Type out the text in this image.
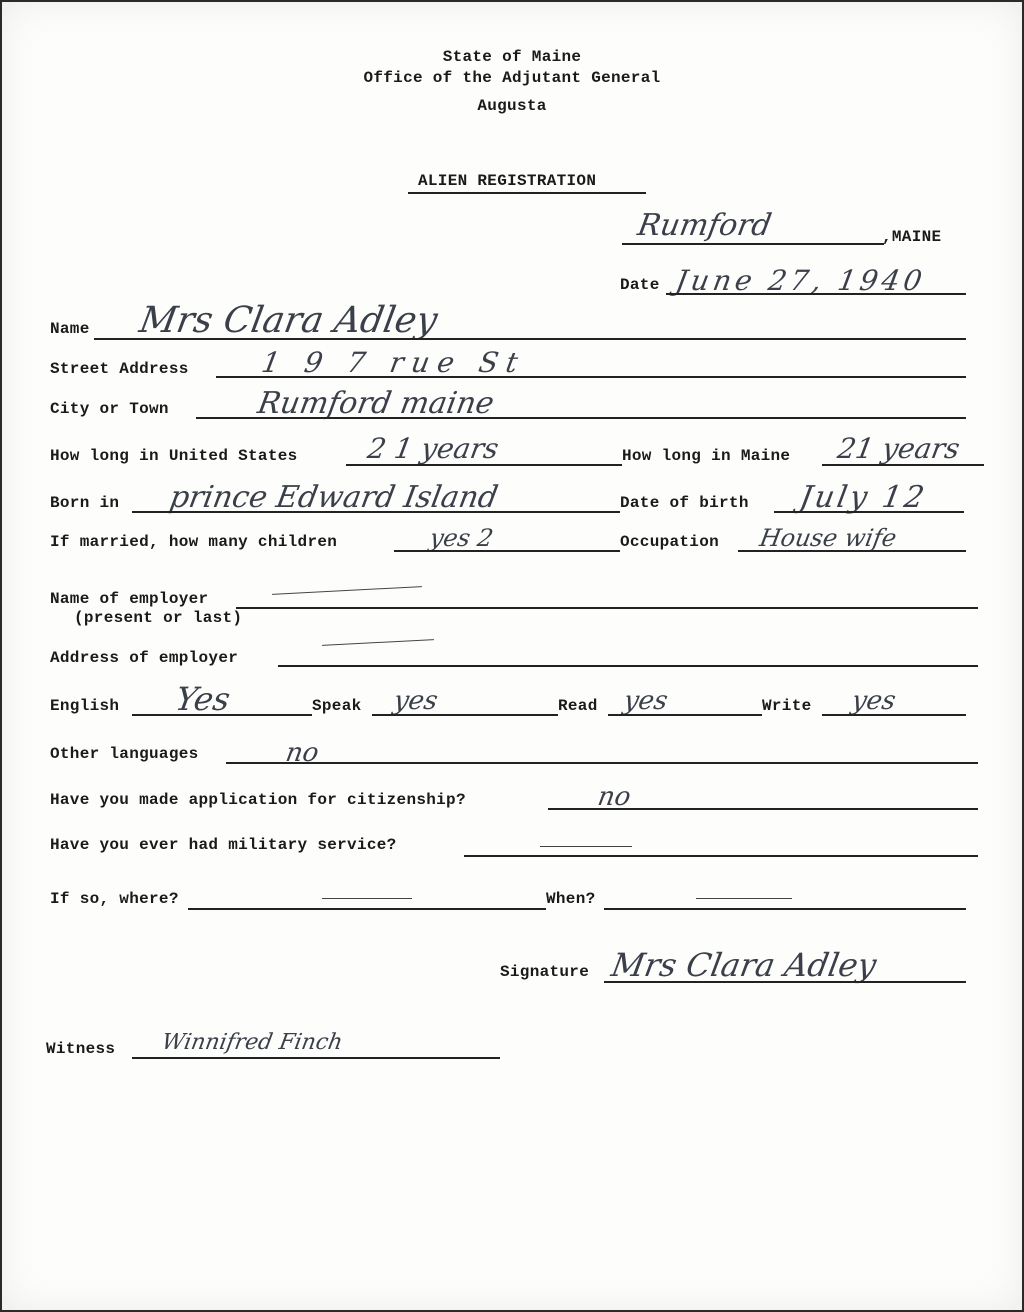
State of Maine
Office of the Adjutant General
Augusta
ALIEN REGISTRATION
Rumford	,MAINE
Date June 27, 1940
Name Mrs Clara Adley
Street Address	1 9 7 rue St
City or Town	Rumford maine
How long in United States 2 1 years	How long in Maine 21 years
Born in prince Edward Island	Date of birth July 12
If married, how many children	yes 2	Occupation House wife
Name of employer
(present or last)
Address of employer
English Yes	Speak yes	Read yes	Write yes
Other languages	no
Have you made application for citizenship?	no
Have you ever had military service?
If so, where?	When?
Signature Mrs Clara Adley
Witness Winnifred Finch
